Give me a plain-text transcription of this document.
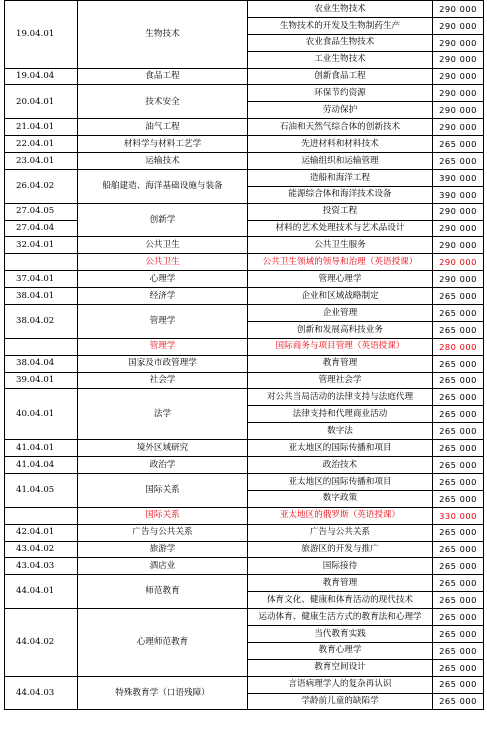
19.04.01	生物技术	农业生物技术	290 000
		生物技术的开发及生物制药生产	290 000
		农业食品生物技术	290 000
		工业生物技术	290 000
19.04.04	食品工程	创新食品工程	290 000
20.04.01	技术安全	环保节约资源	290 000
		劳动保护	290 000
21.04.01	油气工程	石油和天然气综合体的创新技术	290 000
22.04.01	材料学与材料工艺学	先进材料和材料技术	265 000
23.04.01	运输技术	运输组织和运输管理	265 000
26.04.02	船舶建造、海洋基础设施与装备	造船和海洋工程	390 000
		能源综合体和海洋技术设备	390 000
27.04.05	创新学	投资工程	290 000
27.04.04		材料的艺术处理技术与艺术品设计	290 000
32.04.01	公共卫生	公共卫生服务	290 000
	公共卫生	公共卫生领域的领导和治理（英语授课）	290 000
37.04.01	心理学	管理心理学	290 000
38.04.01	经济学	企业和区域战略制定	265 000
38.04.02	管理学	企业管理	265 000
		创新和发展高科技业务	265 000
	管理学	国际商务与项目管理（英语授课）	280 000
38.04.04	国家及市政管理学	教育管理	265 000
39.04.01	社会学	管理社会学	265 000
40.04.01	法学	对公共当局活动的法律支持与法庭代理	265 000
		法律支持和代理商业活动	265 000
		数字法	265 000
41.04.01	境外区域研究	亚太地区的国际传播和项目	265 000
41.04.04	政治学	政治技术	265 000
41.04.05	国际关系	亚太地区的国际传播和项目	265 000
		数字政策	265 000
	国际关系	亚太地区的俄罗斯（英语授课）	330 000
42.04.01	广告与公共关系	广告与公共关系	265 000
43.04.02	旅游学	旅游区的开发与推广	265 000
43.04.03	酒店业	国际接待	265 000
44.04.01	师范教育	教育管理	265 000
		体育文化、健康和体育活动的现代技术	265 000
44.04.02	心理师范教育	运动体育、健康生活方式的教育法和心理学	265 000
		当代教育实践	265 000
		教育心理学	265 000
		教育空间设计	265 000
44.04.03	特殊教育学（口语残障）	言语病理学人的复杂再认识	265 000
		学龄前儿童的缺陷学	265 000
